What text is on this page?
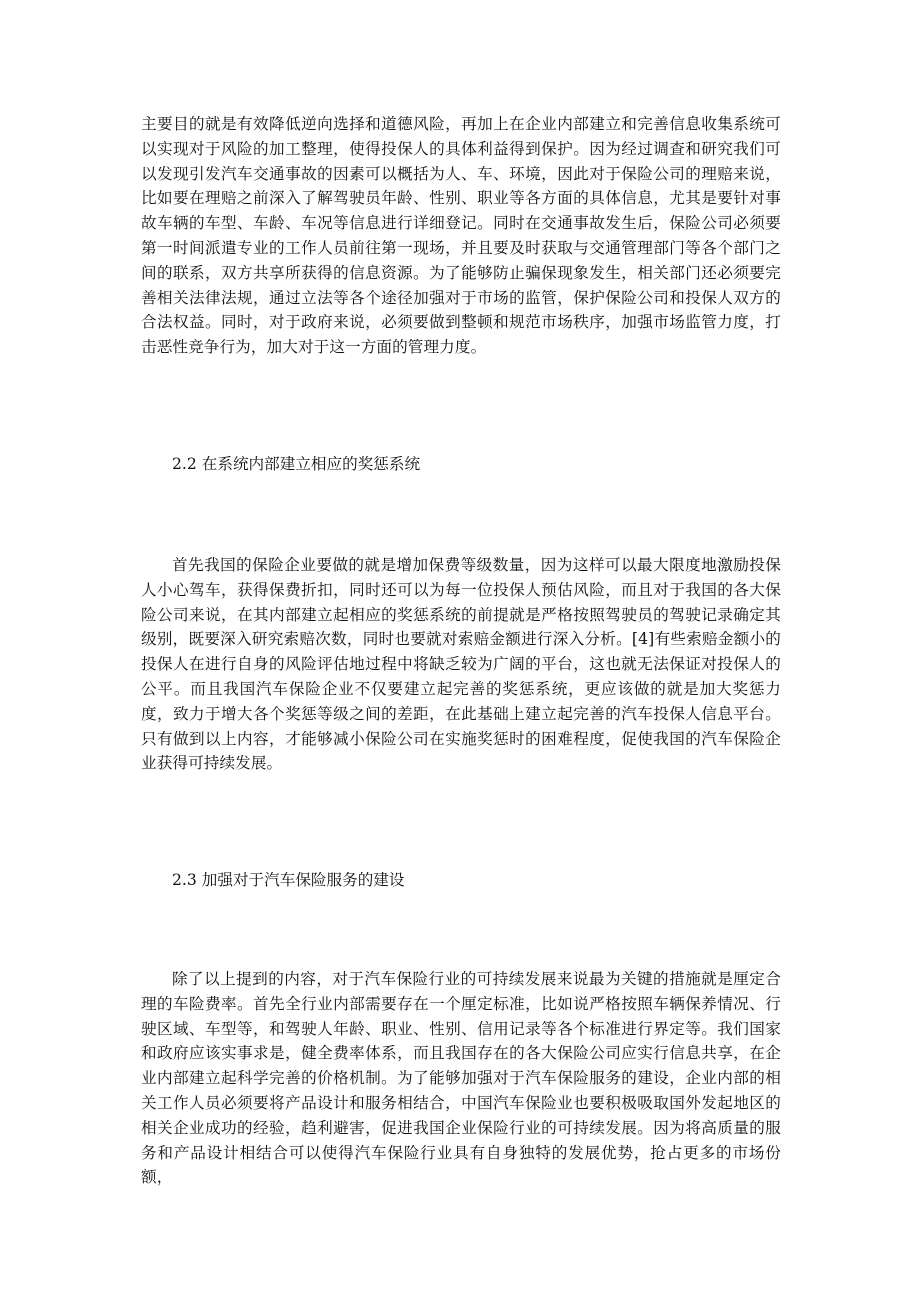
主要目的就是有效降低逆向选择和道德风险，再加上在企业内部建立和完善信息收集系统可以实现对于风险的加工整理，使得投保人的具体利益得到保护。因为经过调查和研究我们可以发现引发汽车交通事故的因素可以概括为人、车、环境，因此对于保险公司的理赔来说，比如要在理赔之前深入了解驾驶员年龄、性别、职业等各方面的具体信息，尤其是要针对事故车辆的车型、车龄、车况等信息进行详细登记。同时在交通事故发生后，保险公司必须要第一时间派遣专业的工作人员前往第一现场，并且要及时获取与交通管理部门等各个部门之间的联系，双方共享所获得的信息资源。为了能够防止骗保现象发生，相关部门还必须要完善相关法律法规，通过立法等各个途径加强对于市场的监管，保护保险公司和投保人双方的合法权益。同时，对于政府来说，必须要做到整顿和规范市场秩序，加强市场监管力度，打击恶性竞争行为，加大对于这一方面的管理力度。

2.2 在系统内部建立相应的奖惩系统

首先我国的保险企业要做的就是增加保费等级数量，因为这样可以最大限度地激励投保人小心驾车，获得保费折扣，同时还可以为每一位投保人预估风险，而且对于我国的各大保险公司来说，在其内部建立起相应的奖惩系统的前提就是严格按照驾驶员的驾驶记录确定其级别，既要深入研究索赔次数，同时也要就对索赔金额进行深入分析。[4]有些索赔金额小的投保人在进行自身的风险评估地过程中将缺乏较为广阔的平台，这也就无法保证对投保人的公平。而且我国汽车保险企业不仅要建立起完善的奖惩系统，更应该做的就是加大奖惩力度，致力于增大各个奖惩等级之间的差距，在此基础上建立起完善的汽车投保人信息平台。只有做到以上内容，才能够减小保险公司在实施奖惩时的困难程度，促使我国的汽车保险企业获得可持续发展。

2.3 加强对于汽车保险服务的建设

除了以上提到的内容，对于汽车保险行业的可持续发展来说最为关键的措施就是厘定合理的车险费率。首先全行业内部需要存在一个厘定标准，比如说严格按照车辆保养情况、行驶区域、车型等，和驾驶人年龄、职业、性别、信用记录等各个标准进行界定等。我们国家和政府应该实事求是，健全费率体系，而且我国存在的各大保险公司应实行信息共享，在企业内部建立起科学完善的价格机制。为了能够加强对于汽车保险服务的建设，企业内部的相关工作人员必须要将产品设计和服务相结合，中国汽车保险业也要积极吸取国外发起地区的相关企业成功的经验，趋利避害，促进我国企业保险行业的可持续发展。因为将高质量的服务和产品设计相结合可以使得汽车保险行业具有自身独特的发展优势，抢占更多的市场份额，
